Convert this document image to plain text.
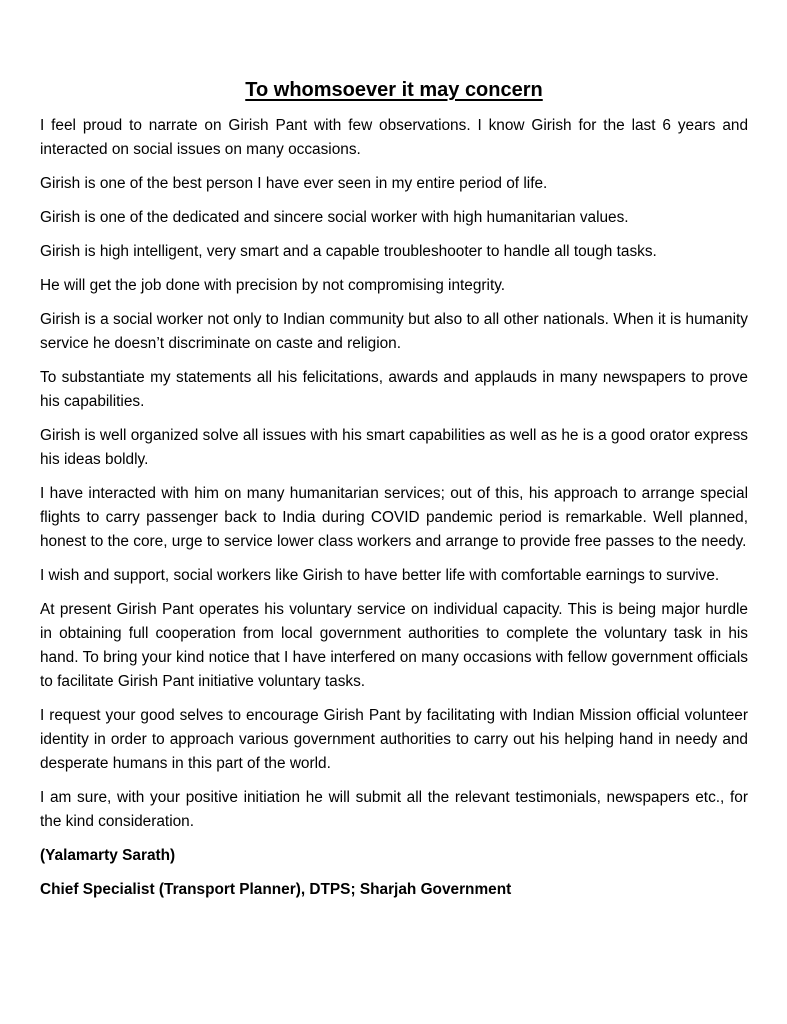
To whomsoever it may concern

I feel proud to narrate on Girish Pant with few observations. I know Girish for the last 6 years and interacted on social issues on many occasions.

Girish is one of the best person I have ever seen in my entire period of life.

Girish is one of the dedicated and sincere social worker with high humanitarian values.

Girish is high intelligent, very smart and a capable troubleshooter to handle all tough tasks.

He will get the job done with precision by not compromising integrity.

Girish is a social worker not only to Indian community but also to all other nationals. When it is humanity service he doesn’t discriminate on caste and religion.

To substantiate my statements all his felicitations, awards and applauds in many newspapers to prove his capabilities.

Girish is well organized solve all issues with his smart capabilities as well as he is a good orator express his ideas boldly.

I have interacted with him on many humanitarian services; out of this, his approach to arrange special flights to carry passenger back to India during COVID pandemic period is remarkable. Well planned, honest to the core, urge to service lower class workers and arrange to provide free passes to the needy.

I wish and support, social workers like Girish to have better life with comfortable earnings to survive.

At present Girish Pant operates his voluntary service on individual capacity. This is being major hurdle in obtaining full cooperation from local government authorities to complete the voluntary task in his hand. To bring your kind notice that I have interfered on many occasions with fellow government officials to facilitate Girish Pant initiative voluntary tasks.

I request your good selves to encourage Girish Pant by facilitating with Indian Mission official volunteer identity in order to approach various government authorities to carry out his helping hand in needy and desperate humans in this part of the world.

I am sure, with your positive initiation he will submit all the relevant testimonials, newspapers etc., for the kind consideration.

(Yalamarty Sarath)

Chief Specialist (Transport Planner), DTPS; Sharjah Government
